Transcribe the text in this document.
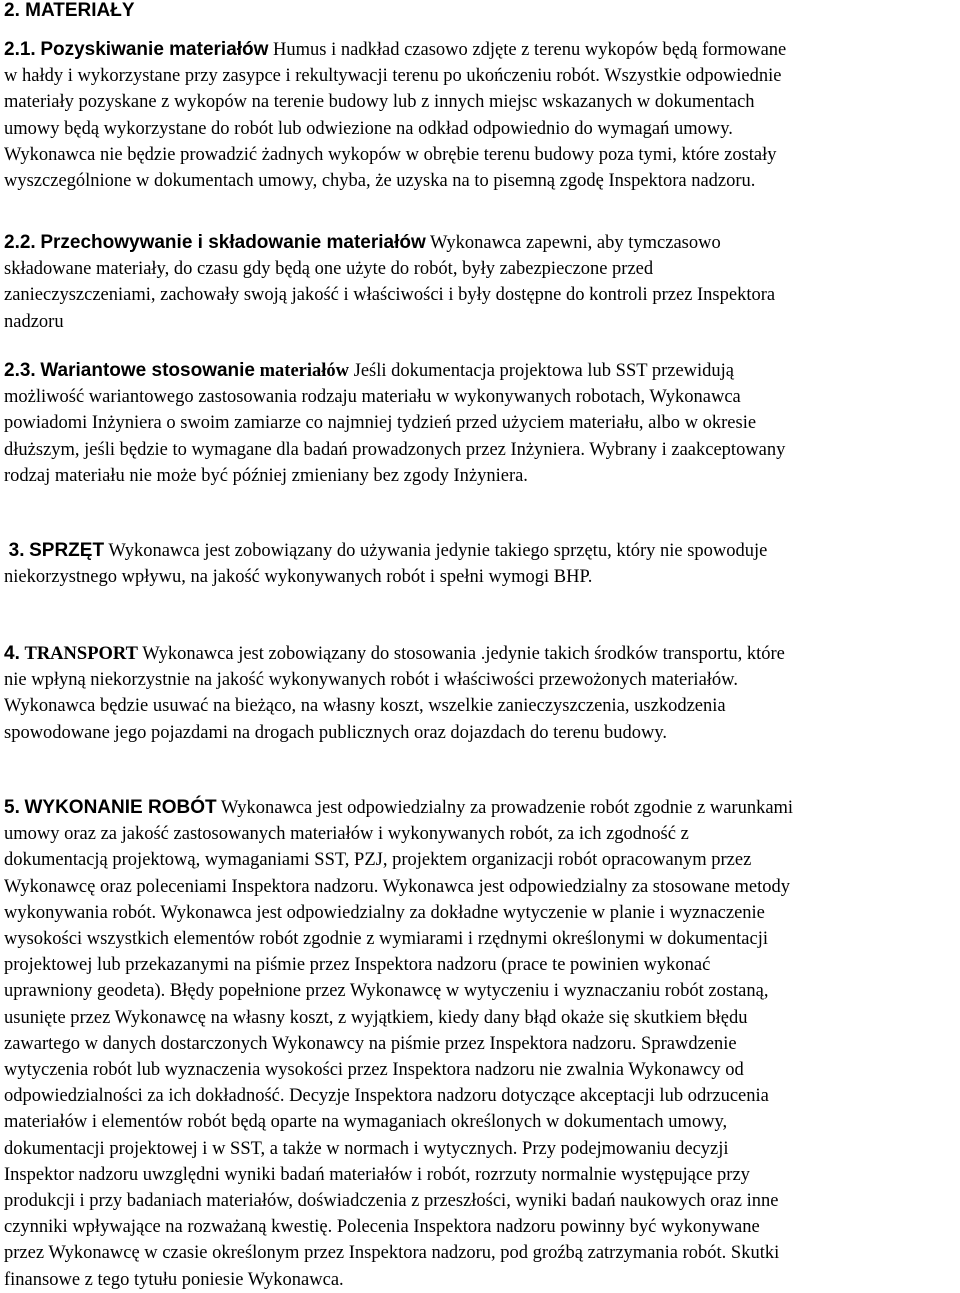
2. MATERIAŁY
2.1. Pozyskiwanie materiałów Humus i nadkład czasowo zdjęte z terenu wykopów będą formowane
w hałdy i wykorzystane przy zasypce i rekultywacji terenu po ukończeniu robót. Wszystkie odpowiednie
materiały pozyskane z wykopów na terenie budowy lub z innych miejsc wskazanych w dokumentach
umowy będą wykorzystane do robót lub odwiezione na odkład odpowiednio do wymagań umowy.
Wykonawca nie będzie prowadzić żadnych wykopów w obrębie terenu budowy poza tymi, które zostały
wyszczególnione w dokumentach umowy, chyba, że uzyska na to pisemną zgodę Inspektora nadzoru.
2.2. Przechowywanie i składowanie materiałów Wykonawca zapewni, aby tymczasowo
składowane materiały, do czasu gdy będą one użyte do robót, były zabezpieczone przed
zanieczyszczeniami, zachowały swoją jakość i właściwości i były dostępne do kontroli przez Inspektora
nadzoru
2.3. Wariantowe stosowanie materiałów Jeśli dokumentacja projektowa lub SST przewidują
możliwość wariantowego zastosowania rodzaju materiału w wykonywanych robotach, Wykonawca
powiadomi Inżyniera o swoim zamiarze co najmniej tydzień przed użyciem materiału, albo w okresie
dłuższym, jeśli będzie to wymagane dla badań prowadzonych przez Inżyniera. Wybrany i zaakceptowany
rodzaj materiału nie może być później zmieniany bez zgody Inżyniera.
3. SPRZĘT Wykonawca jest zobowiązany do używania jedynie takiego sprzętu, który nie spowoduje
niekorzystnego wpływu, na jakość wykonywanych robót i spełni wymogi BHP.
4. TRANSPORT Wykonawca jest zobowiązany do stosowania .jedynie takich środków transportu, które
nie wpłyną niekorzystnie na jakość wykonywanych robót i właściwości przewożonych materiałów.
Wykonawca będzie usuwać na bieżąco, na własny koszt, wszelkie zanieczyszczenia, uszkodzenia
spowodowane jego pojazdami na drogach publicznych oraz dojazdach do terenu budowy.
5. WYKONANIE ROBÓT Wykonawca jest odpowiedzialny za prowadzenie robót zgodnie z warunkami
umowy oraz za jakość zastosowanych materiałów i wykonywanych robót, za ich zgodność z
dokumentacją projektową, wymaganiami SST, PZJ, projektem organizacji robót opracowanym przez
Wykonawcę oraz poleceniami Inspektora nadzoru. Wykonawca jest odpowiedzialny za stosowane metody
wykonywania robót. Wykonawca jest odpowiedzialny za dokładne wytyczenie w planie i wyznaczenie
wysokości wszystkich elementów robót zgodnie z wymiarami i rzędnymi określonymi w dokumentacji
projektowej lub przekazanymi na piśmie przez Inspektora nadzoru (prace te powinien wykonać
uprawniony geodeta). Błędy popełnione przez Wykonawcę w wytyczeniu i wyznaczaniu robót zostaną,
usunięte przez Wykonawcę na własny koszt, z wyjątkiem, kiedy dany błąd okaże się skutkiem błędu
zawartego w danych dostarczonych Wykonawcy na piśmie przez Inspektora nadzoru. Sprawdzenie
wytyczenia robót lub wyznaczenia wysokości przez Inspektora nadzoru nie zwalnia Wykonawcy od
odpowiedzialności za ich dokładność. Decyzje Inspektora nadzoru dotyczące akceptacji lub odrzucenia
materiałów i elementów robót będą oparte na wymaganiach określonych w dokumentach umowy,
dokumentacji projektowej i w SST, a także w normach i wytycznych. Przy podejmowaniu decyzji
Inspektor nadzoru uwzględni wyniki badań materiałów i robót, rozrzuty normalnie występujące przy
produkcji i przy badaniach materiałów, doświadczenia z przeszłości, wyniki badań naukowych oraz inne
czynniki wpływające na rozważaną kwestię. Polecenia Inspektora nadzoru powinny być wykonywane
przez Wykonawcę w czasie określonym przez Inspektora nadzoru, pod groźbą zatrzymania robót. Skutki
finansowe z tego tytułu poniesie Wykonawca.
